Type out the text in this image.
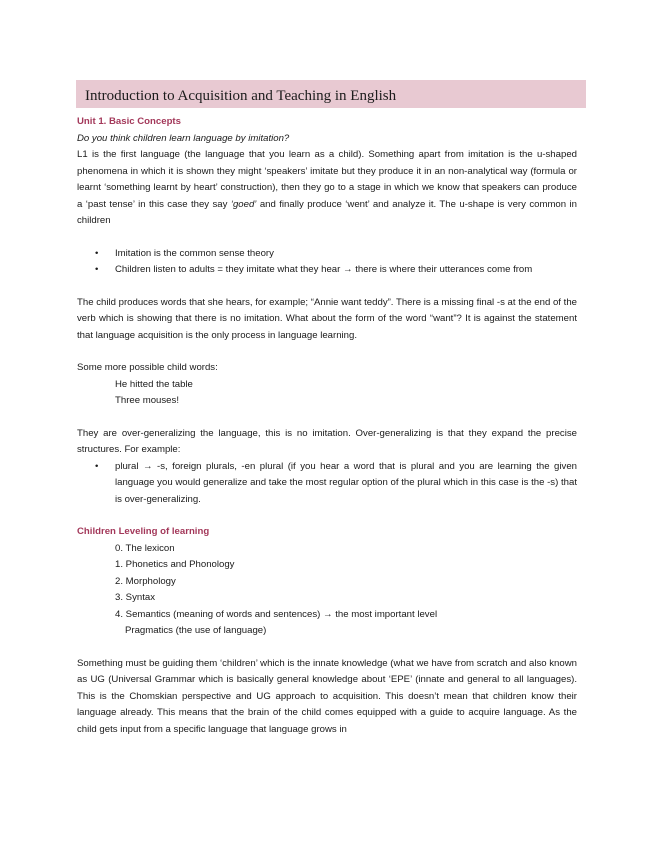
Introduction to Acquisition and Teaching in English
Unit 1. Basic Concepts
Do you think children learn language by imitation?

L1 is the first language (the language that you learn as a child). Something apart from imitation is the u-shaped phenomena in which it is shown they might ‘speakers’ imitate but they produce it in an non-analytical way (formula or learnt ‘something learnt by heart’ construction), then they go to a stage in which we know that speakers can produce a ‘past tense’ in this case they say ‘goed’ and finally produce ‘went’ and analyze it. The u-shape is very common in children

• Imitation is the common sense theory
• Children listen to adults = they imitate what they hear → there is where their utterances come from

The child produces words that she hears, for example; “Annie want teddy”. There is a missing final -s at the end of the verb which is showing that there is no imitation. What about the form of the word “want”? It is against the statement that language acquisition is the only process in language learning.

Some more possible child words:
He hitted the table
Three mouses!

They are over-generalizing the language, this is no imitation. Over-generalizing is that they expand the precise structures. For example:

• plural → -s, foreign plurals, -en plural (if you hear a word that is plural and you are learning the given language you would generalize and take the most regular option of the plural which in this case is the -s) that is over-generalizing.
Children Leveling of learning
0. The lexicon
1. Phonetics and Phonology
2. Morphology
3. Syntax
4. Semantics (meaning of words and sentences) → the most important level
Pragmatics (the use of language)

Something must be guiding them ‘children’ which is the innate knowledge (what we have from scratch and also known as UG (Universal Grammar which is basically general knowledge about ‘EPE’ (innate and general to all languages). This is the Chomskian perspective and UG approach to acquisition. This doesn’t mean that children know their language already. This means that the brain of the child comes equipped with a guide to acquire language. As the child gets input from a specific language that language grows in
